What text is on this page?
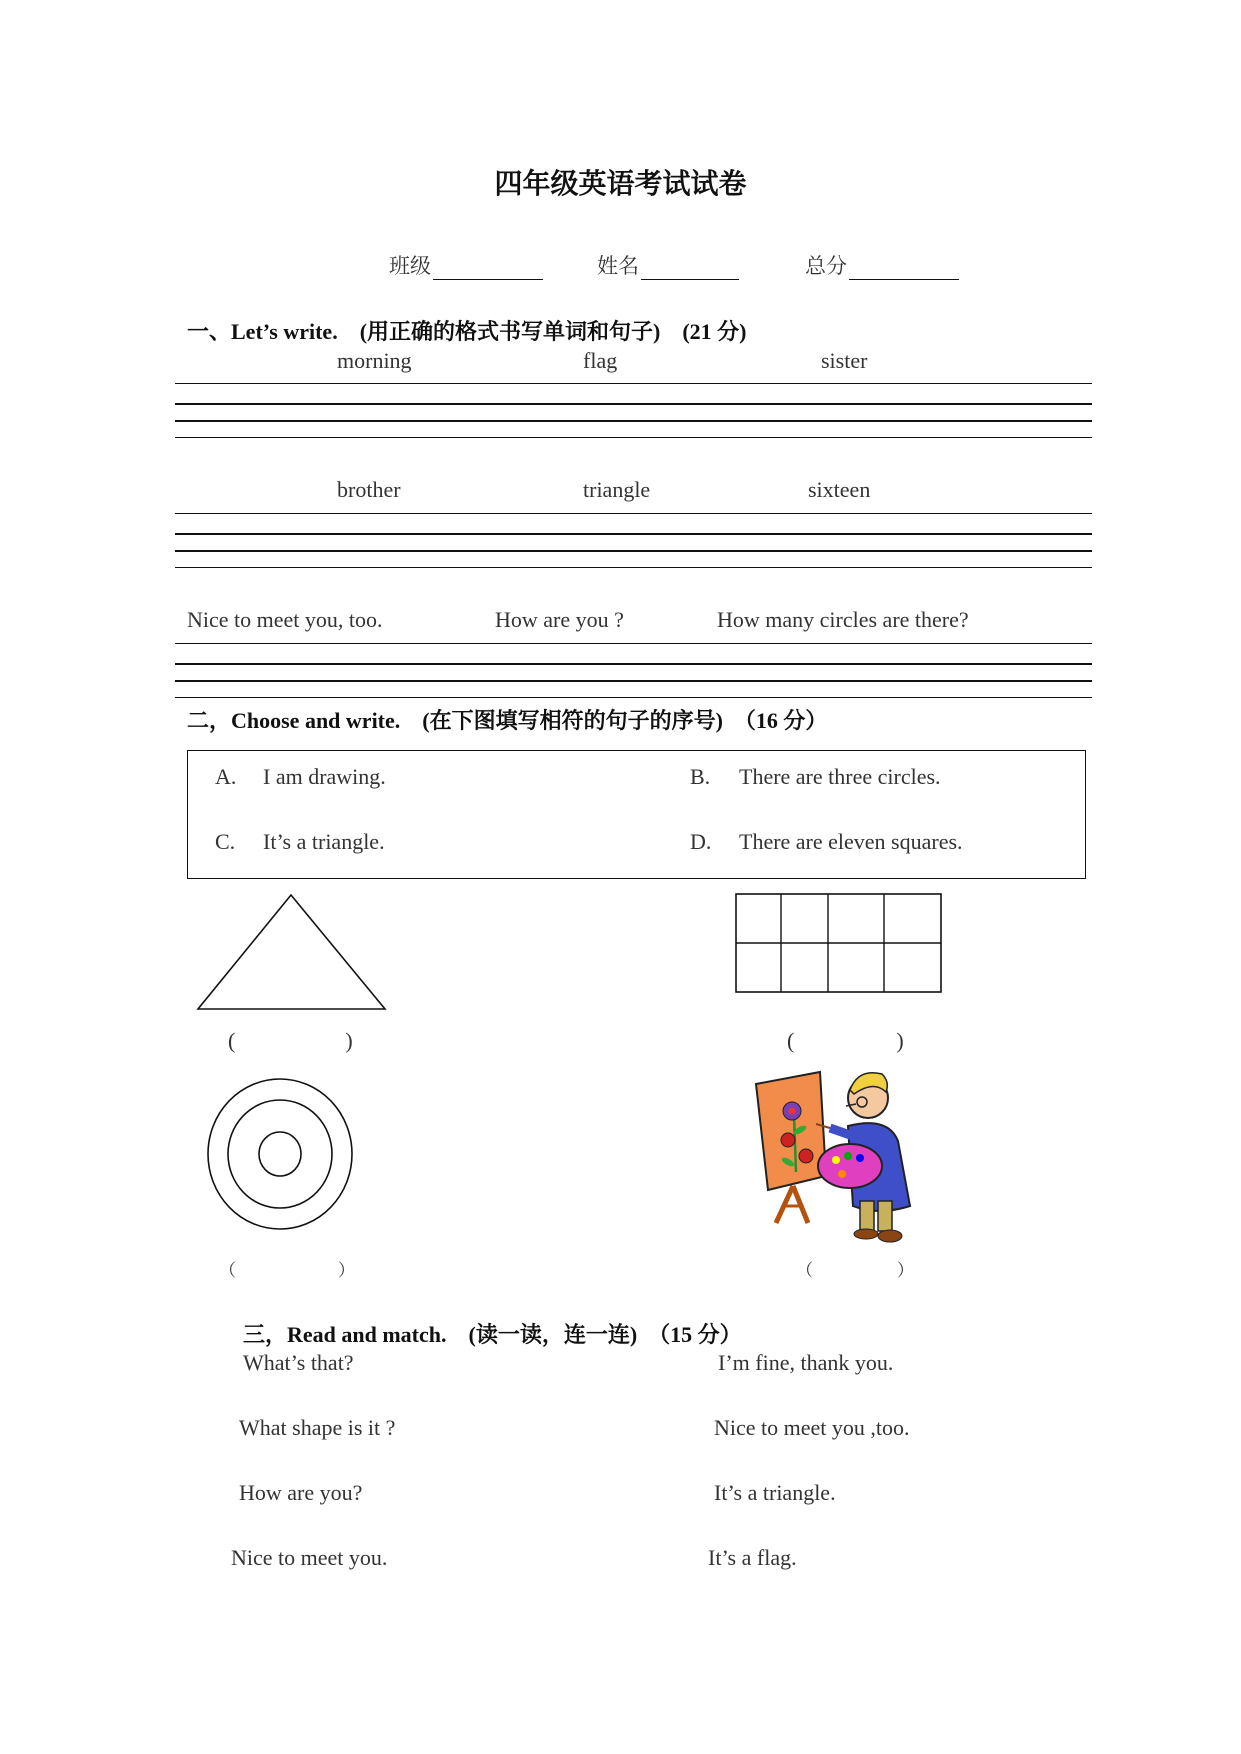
四年级英语考试试卷
班级	姓名	总分
一、Let’s write.　(用正确的格式书写单词和句子)　(21 分)
morning	flag	sister
brother	triangle	sixteen
Nice to meet you, too.	How are you ?	How many circles are there?
二，Choose and write.　(在下图填写相符的句子的序号)　（16 分）
A. I am drawing.	B. There are three circles.
C. It’s a triangle.	D. There are eleven squares.
(	)	(	)
（	）	（	）
三，Read and match.　(读一读，连一连)　（15 分）
What’s that?
What shape is it ?
How are you?
Nice to meet you.
I’m fine, thank you.
Nice to meet you ,too.
It’s a triangle.
It’s a flag.
